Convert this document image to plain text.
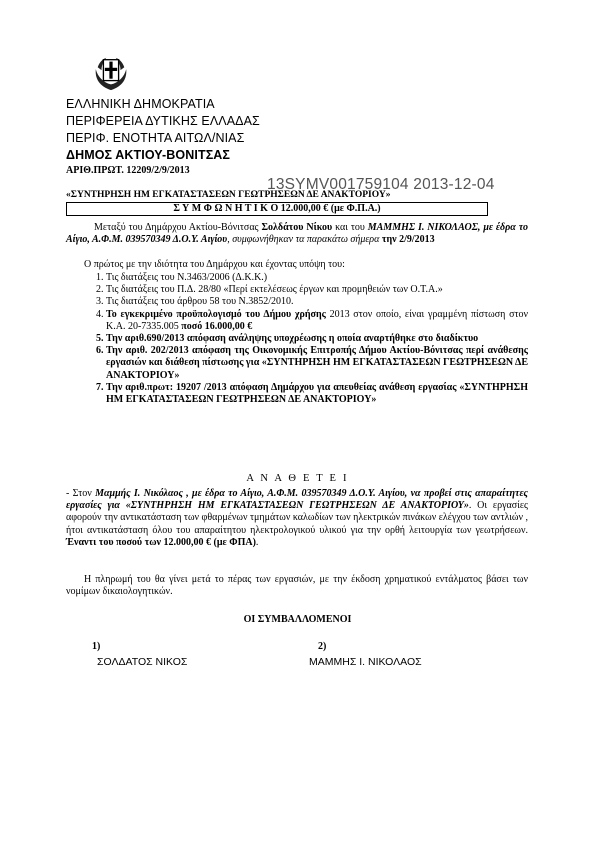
ΕΛΛΗΝΙΚΗ ΔΗΜΟΚΡΑΤΙΑ
ΠΕΡΙΦΕΡΕΙΑ ΔΥΤΙΚΗΣ ΕΛΛΑΔΑΣ
ΠΕΡΙΦ. ΕΝΟΤΗΤΑ ΑΙΤΩΛ/ΝΙΑΣ
ΔΗΜΟΣ ΑΚΤΙΟΥ-ΒΟΝΙΤΣΑΣ
ΑΡΙΘ.ΠΡΩΤ. 12209/2/9/2013
13SYMV001759104 2013-12-04
«ΣΥΝΤΗΡΗΣΗ ΗΜ ΕΓΚΑΤΑΣΤΑΣΕΩΝ ΓΕΩΤΡΗΣΕΩΝ ΔΕ ΑΝΑΚΤΟΡΙΟΥ»
Σ Υ Μ Φ Ω Ν Η Τ Ι Κ Ο 12.000,00 € (με Φ.Π.Α.)
Μεταξύ του Δημάρχου Ακτίου-Βόνιτσας Σολδάτου Νίκου και του ΜΑΜΜΗΣ Ι. ΝΙΚΟΛΑΟΣ, με έδρα το Αίγιο, Α.Φ.Μ. 039570349 Δ.Ο.Υ. Αιγίου, συμφωνήθηκαν τα παρακάτω σήμερα την 2/9/2013
Ο πρώτος με την ιδιότητα του Δημάρχου και έχοντας υπόψη του:
1. Τις διατάξεις του Ν.3463/2006 (Δ.Κ.Κ.)
2. Τις διατάξεις του Π.Δ. 28/80 «Περί εκτελέσεως έργων και προμηθειών των Ο.Τ.Α.»
3. Τις διατάξεις του άρθρου 58 του Ν.3852/2010.
4. Το εγκεκριμένο προϋπολογισμό του Δήμου χρήσης 2013 στον οποίο, είναι γραμμένη πίστωση στον Κ.Α. 20-7335.005 ποσό 16.000,00 €
5. Την αριθ.690/2013 απόφαση ανάληψης υποχρέωσης η οποία αναρτήθηκε στο διαδίκτυο
6. Την αριθ. 202/2013 απόφαση της Οικονομικής Επιτροπής Δήμου Ακτίου-Βόνιτσας περί ανάθεσης εργασιών και διάθεση πίστωσης για «ΣΥΝΤΗΡΗΣΗ ΗΜ ΕΓΚΑΤΑΣΤΑΣΕΩΝ ΓΕΩΤΡΗΣΕΩΝ ΔΕ ΑΝΑΚΤΟΡΙΟΥ»
7. Την αριθ.πρωτ: 19207 /2013 απόφαση Δημάρχου για απευθείας ανάθεση εργασίας «ΣΥΝΤΗΡΗΣΗ ΗΜ ΕΓΚΑΤΑΣΤΑΣΕΩΝ ΓΕΩΤΡΗΣΕΩΝ ΔΕ ΑΝΑΚΤΟΡΙΟΥ»
Α Ν Α Θ Ε Τ Ε Ι
- Στον Μαμμής Ι. Νικόλαος , με έδρα το Αίγιο, Α.Φ.Μ. 039570349 Δ.Ο.Υ. Αιγίου, να προβεί στις απαραίτητες εργασίες για «ΣΥΝΤΗΡΗΣΗ ΗΜ ΕΓΚΑΤΑΣΤΑΣΕΩΝ ΓΕΩΤΡΗΣΕΩΝ ΔΕ ΑΝΑΚΤΟΡΙΟΥ». Οι εργασίες αφορούν την αντικατάσταση των φθαρμένων τμημάτων καλωδίων των ηλεκτρικών πινάκων ελέγχου των αντλιών , ήτοι αντικατάσταση όλου του απαραίτητου ηλεκτρολογικού υλικού για την ορθή λειτουργία των γεωτρήσεων. Έναντι του ποσού των 12.000,00 € (με ΦΠΑ).
Η πληρωμή του θα γίνει μετά το πέρας των εργασιών, με την έκδοση χρηματικού εντάλματος βάσει των νομίμων δικαιολογητικών.
ΟΙ ΣΥΜΒΑΛΛΟΜΕΝΟΙ
1)	2)
ΣΟΛΔΑΤΟΣ ΝΙΚΟΣ	ΜΑΜΜΗΣ Ι. ΝΙΚΟΛΑΟΣ
